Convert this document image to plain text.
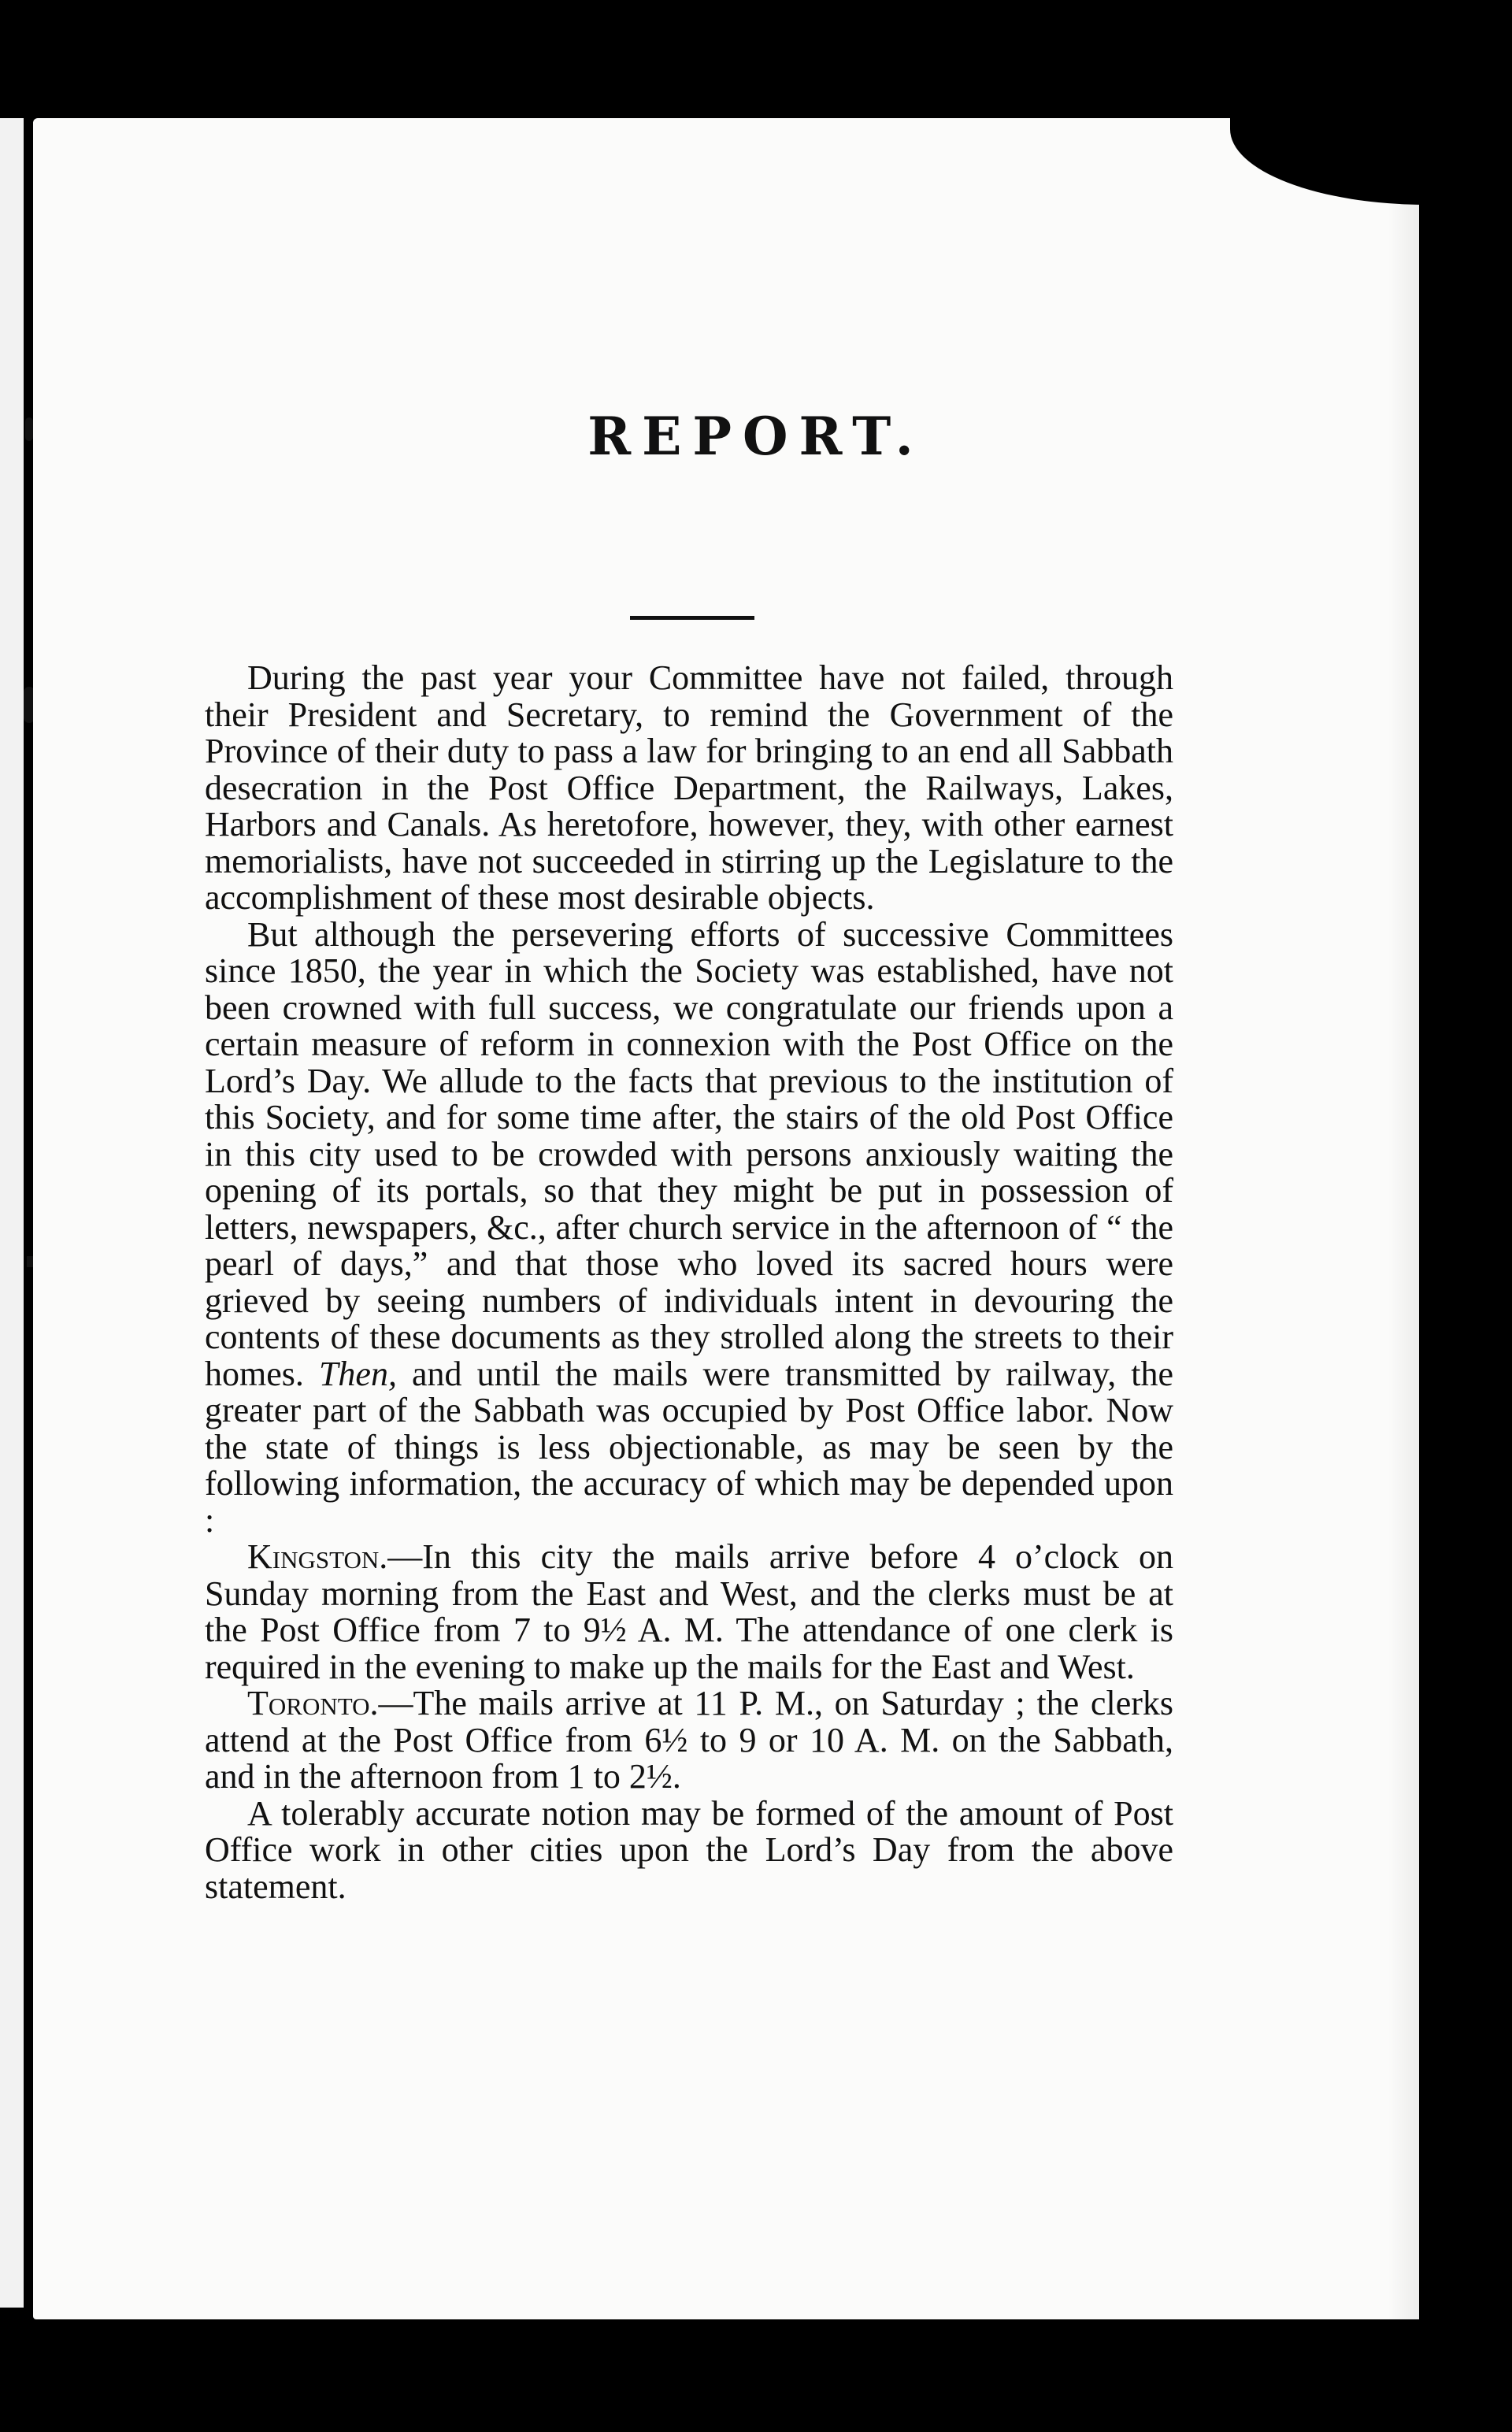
REPORT.

During the past year your Committee have not failed, through their President and Secretary, to remind the Government of the Province of their duty to pass a law for bringing to an end all Sabbath desecration in the Post Office Department, the Railways, Lakes, Harbors and Canals. As heretofore, however, they, with other earnest memorialists, have not succeeded in stirring up the Legislature to the accomplishment of these most desirable objects.

But although the persevering efforts of successive Committees since 1850, the year in which the Society was established, have not been crowned with full success, we congratulate our friends upon a certain measure of reform in connexion with the Post Office on the Lord’s Day. We allude to the facts that previous to the institution of this Society, and for some time after, the stairs of the old Post Office in this city used to be crowded with persons anxiously waiting the opening of its portals, so that they might be put in possession of letters, newspapers, &c., after church service in the afternoon of “ the pearl of days,” and that those who loved its sacred hours were grieved by seeing numbers of individuals intent in devouring the contents of these documents as they strolled along the streets to their homes. Then, and until the mails were transmitted by railway, the greater part of the Sabbath was occupied by Post Office labor. Now the state of things is less objectionable, as may be seen by the following information, the accuracy of which may be depended upon :

Kingston.—In this city the mails arrive before 4 o’clock on Sunday morning from the East and West, and the clerks must be at the Post Office from 7 to 9½ A. M. The attendance of one clerk is required in the evening to make up the mails for the East and West.

Toronto.—The mails arrive at 11 P. M., on Saturday ; the clerks attend at the Post Office from 6½ to 9 or 10 A. M. on the Sabbath, and in the afternoon from 1 to 2½.

A tolerably accurate notion may be formed of the amount of Post Office work in other cities upon the Lord’s Day from the above statement.
